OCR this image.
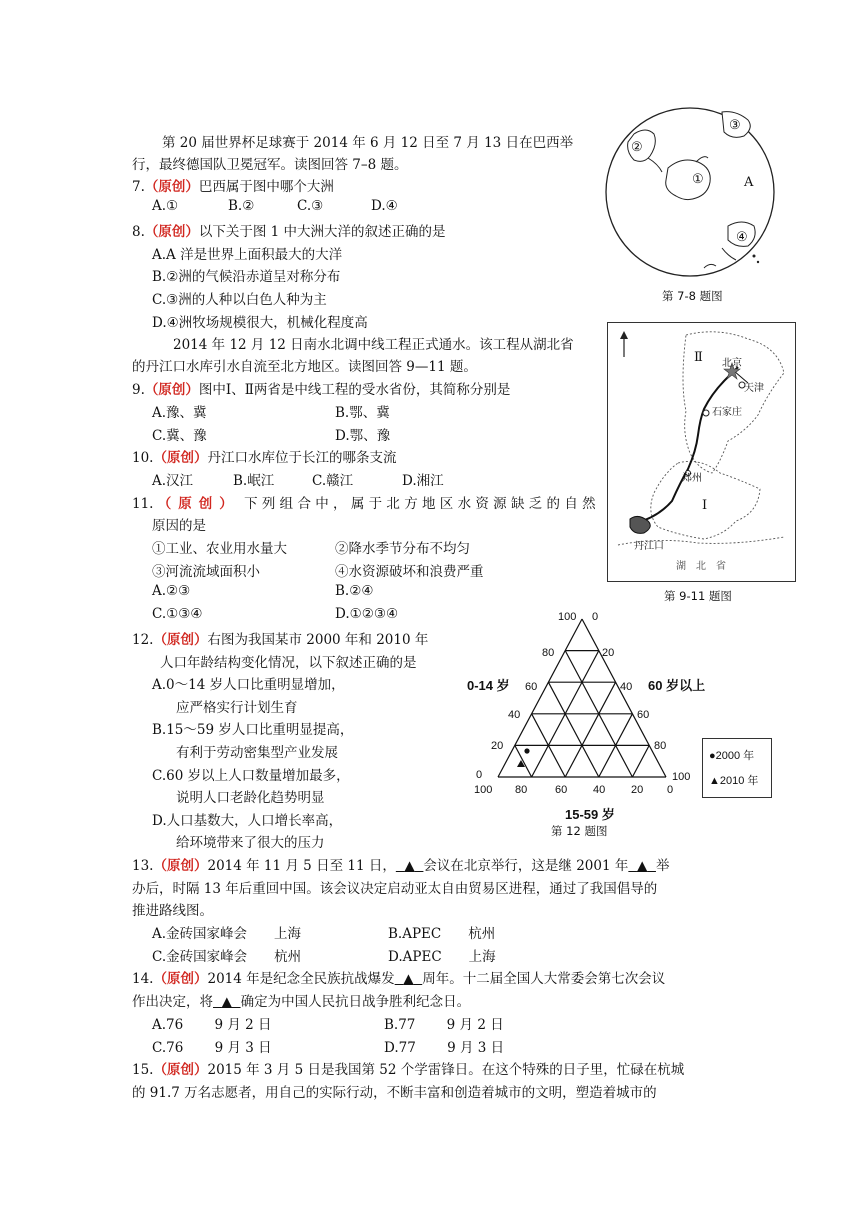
第 20 届世界杯足球赛于 2014 年 6 月 12 日至 7 月 13 日在巴西举
行，最终德国队卫冕冠军。读图回答 7–8 题。
7.（原创）巴西属于图中哪个大洲
A.①	B.②	C.③	D.④
8.（原创）以下关于图 1 中大洲大洋的叙述正确的是
A.A 洋是世界上面积最大的大洋
B.②洲的气候沿赤道呈对称分布
C.③洲的人种以白色人种为主
D.④洲牧场规模很大，机械化程度高
2014 年 12 月 12 日南水北调中线工程正式通水。该工程从湖北省
的丹江口水库引水自流至北方地区。读图回答 9—11 题。
9.（原创）图中Ⅰ、Ⅱ两省是中线工程的受水省份，其简称分别是
A.豫、冀	B.鄂、冀
C.冀、豫	D.鄂、豫
10.（原创）丹江口水库位于长江的哪条支流
A.汉江	B.岷江	C.赣江	D.湘江
11. （原创） 下 列 组 合 中 ， 属 于 北 方 地 区 水 资 源 缺 乏 的 自 然
原因的是
①工业、农业用水量大	②降水季节分布不均匀
③河流流域面积小	④水资源破坏和浪费严重
A.②③	B.②④
C.①③④	D.①②③④
12.（原创）右图为我国某市 2000 年和 2010 年
人口年龄结构变化情况，以下叙述正确的是
A.0～14 岁人口比重明显增加，
应严格实行计划生育
B.15～59 岁人口比重明显提高，
有利于劳动密集型产业发展
C.60 岁以上人口数量增加最多，
说明人口老龄化趋势明显
D.人口基数大，人口增长率高，
给环境带来了很大的压力
13.（原创）2014 年 11 月 5 日至 11 日， ▲ 会议在北京举行，这是继 2001 年 ▲ 举
办后，时隔 13 年后重回中国。该会议决定启动亚太自由贸易区进程，通过了我国倡导的
推进路线图。
A.金砖国家峰会　　上海	B.APEC　　杭州
C.金砖国家峰会　　杭州	D.APEC　　上海
14.（原创）2014 年是纪念全民族抗战爆发 ▲ 周年。十二届全国人大常委会第七次会议
作出决定，将 ▲ 确定为中国人民抗日战争胜利纪念日。
A.76　　 9 月 2 日	B.77　　 9 月 2 日
C.76　　 9 月 3 日	D.77　　 9 月 3 日
15.（原创）2015 年 3 月 5 日是我国第 52 个学雷锋日。在这个特殊的日子里，忙碌在杭城
的 91.7 万名志愿者，用自己的实际行动，不断丰富和创造着城市的文明，塑造着城市的
①
②
③
④
A
第 7-8 题图
Ⅱ
Ⅰ
北京
天津
石家庄
郑州
丹江口
湖　北　省
第 9-11 题图
0-14 岁	60 岁以上
15-59 岁
100
80
60
40
20
0
0
20
40
60
80
100
100 80	60 40 20 0
●2000 年
▲2010 年
第 12 题图
